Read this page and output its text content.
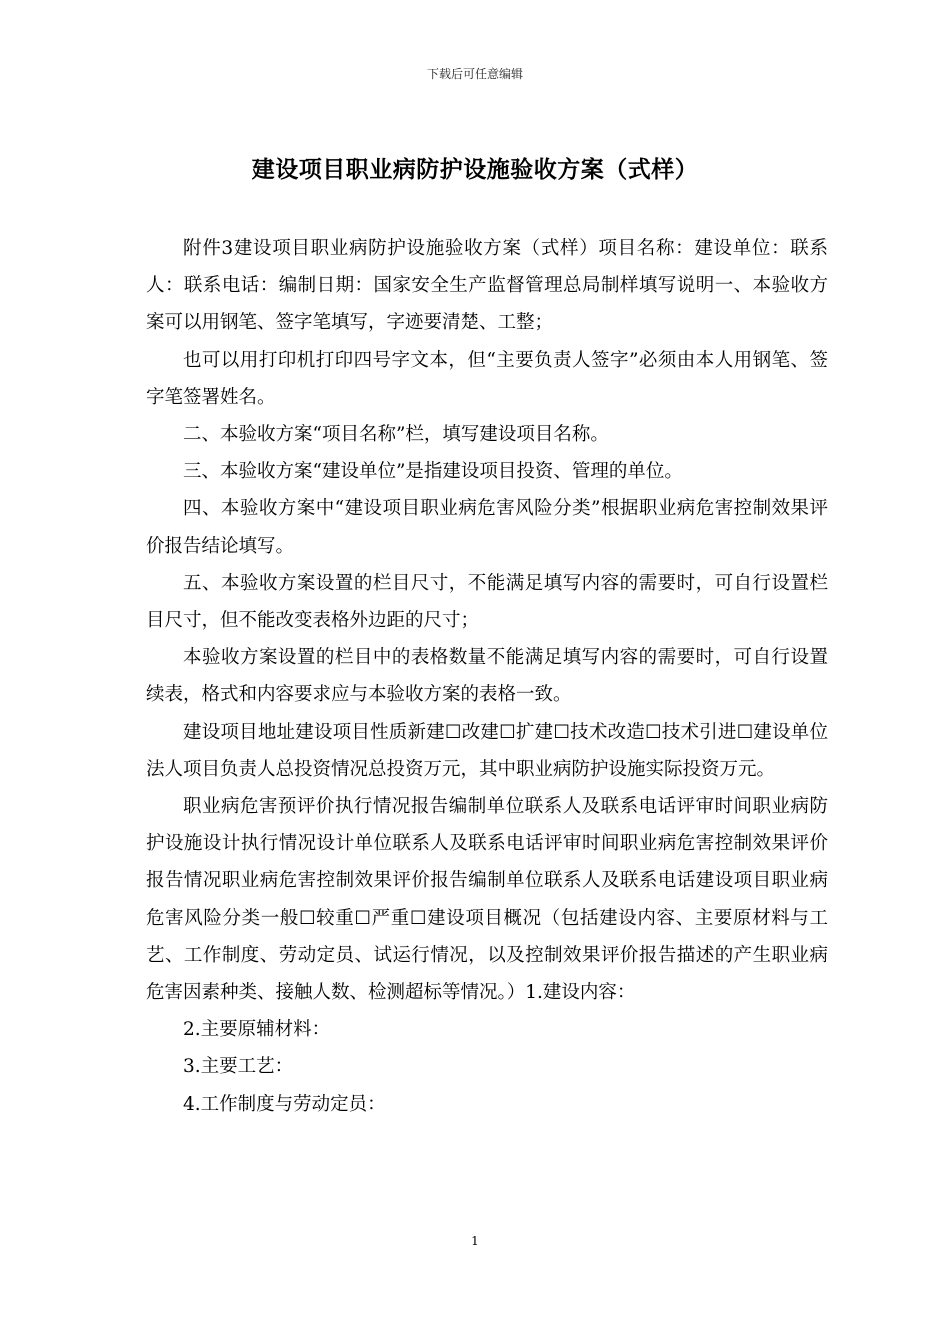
下载后可任意编辑
建设项目职业病防护设施验收方案（式样）

附件3建设项目职业病防护设施验收方案（式样）项目名称：建设单位：联系人：联系电话：编制日期：国家安全生产监督管理总局制样填写说明一、本验收方案可以用钢笔、签字笔填写，字迹要清楚、工整；

也可以用打印机打印四号字文本，但“主要负责人签字”必须由本人用钢笔、签字笔签署姓名。

二、本验收方案“项目名称”栏，填写建设项目名称。

三、本验收方案“建设单位”是指建设项目投资、管理的单位。

四、本验收方案中“建设项目职业病危害风险分类”根据职业病危害控制效果评价报告结论填写。

五、本验收方案设置的栏目尺寸，不能满足填写内容的需要时，可自行设置栏目尺寸，但不能改变表格外边距的尺寸；

本验收方案设置的栏目中的表格数量不能满足填写内容的需要时，可自行设置续表，格式和内容要求应与本验收方案的表格一致。

建设项目地址建设项目性质新建☐改建☐扩建☐技术改造☐技术引进☐建设单位法人项目负责人总投资情况总投资万元，其中职业病防护设施实际投资万元。

职业病危害预评价执行情况报告编制单位联系人及联系电话评审时间职业病防护设施设计执行情况设计单位联系人及联系电话评审时间职业病危害控制效果评价报告情况职业病危害控制效果评价报告编制单位联系人及联系电话建设项目职业病危害风险分类一般☐较重☐严重☐建设项目概况（包括建设内容、主要原材料与工艺、工作制度、劳动定员、试运行情况，以及控制效果评价报告描述的产生职业病危害因素种类、接触人数、检测超标等情况。）1.建设内容：

2.主要原辅材料：

3.主要工艺：

4.工作制度与劳动定员：

1
